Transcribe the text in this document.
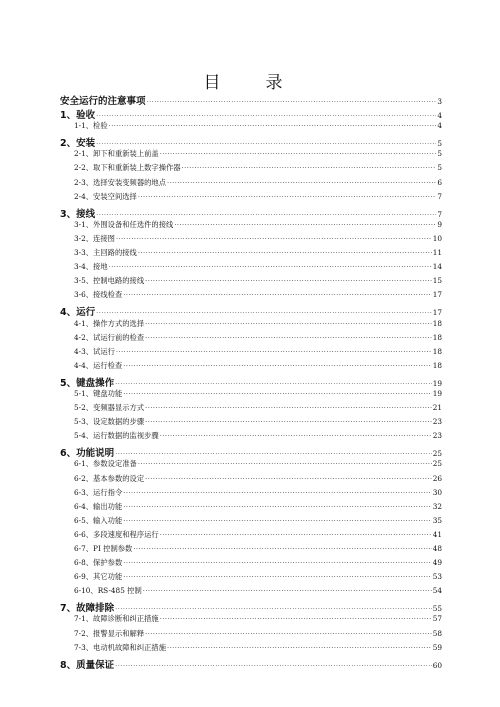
目　录
安全运行的注意事项 ·····	3
1、验收 ·····	4
1-1、检验 ·····	4
2、安装 ·····	5
2-1、卸下和重新装上前盖 ·····	5
2-2、取下和重新装上数字操作器 ·····	5
2-3、选择安装变频器的地点 ·····	6
2-4、安装空间选择 ·····	7
3、接线 ·····	7
3-1、外围设备和任选件的接线 ·····	9
3-2、连接图 ·····	10
3-3、主回路的接线 ·····	11
3-4、接地 ·····	14
3-5、控制电路的接线 ·····	15
3-6、接线检查 ·····	17
4、运行 ·····	17
4-1、操作方式的选择 ·····	18
4-2、试运行前的检查 ·····	18
4-3、试运行 ·····	18
4-4、运行检查 ·····	18
5、键盘操作 ·····	19
5-1、键盘功能 ·····	19
5-2、变频器显示方式 ·····	21
5-3、设定数据的步骤 ·····	23
5-4、运行数据的监视步骤 ·····	23
6、功能说明 ·····	25
6-1、参数设定准备 ·····	25
6-2、基本参数的设定 ·····	26
6-3、运行指令 ·····	30
6-4、输出功能 ·····	32
6-5、输入功能 ·····	35
6-6、多段速度和程序运行 ·····	41
6-7、PI 控制参数 ·····	48
6-8、保护参数 ·····	49
6-9、其它功能 ·····	53
6-10、RS-485 控制 ·····	54
7、故障排除 ·····	55
7-1、故障诊断和纠正措施 ·····	57
7-2、报警显示和解释 ·····	58
7-3、电动机故障和纠正措施 ·····	59
8、质量保证 ·····	60
